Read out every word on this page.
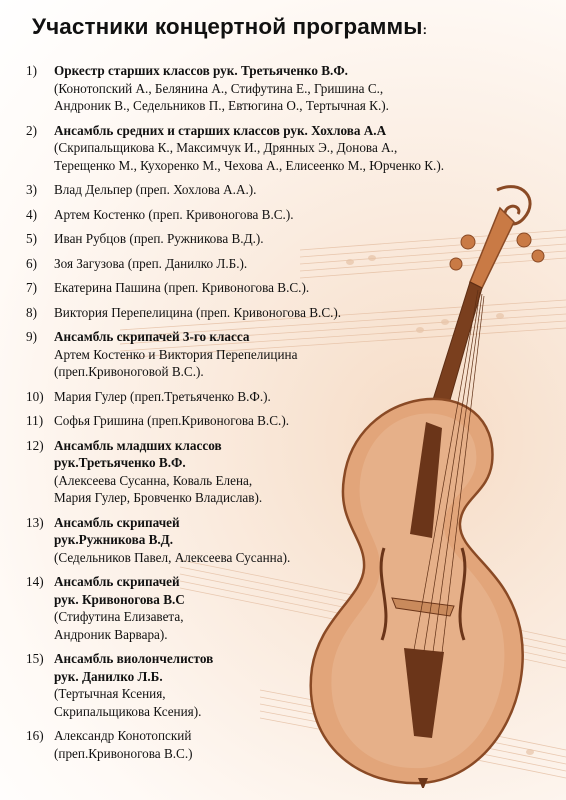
Участники концертной программы:
1) Оркестр старших классов рук. Третьяченко В.Ф.
(Конотопский А., Белянина А., Стифутина Е., Гришина С.,
Андроник В., Седельников П., Евтюгина О., Тертычная К.).
2) Ансамбль средних и старших классов рук. Хохлова А.А
(Скрипальщикова К., Максимчук И., Дрянных Э., Донова А.,
Терещенко М., Кухоренко М., Чехова А., Елисеенко М., Юрченко К.).
3) Влад Дельпер (преп. Хохлова А.А.).
4) Артем Костенко (преп. Кривоногова В.С.).
5) Иван Рубцов (преп. Ружникова В.Д.).
6) Зоя Загузова (преп. Данилко Л.Б.).
7) Екатерина Пашина (преп. Кривоногова В.С.).
8) Виктория Перепелицина (преп. Кривоногова В.С.).
9) Ансамбль скрипачей 3-го класса
Артем Костенко и Виктория Перепелицина
(преп.Кривоноговой В.С.).
10) Мария Гулер (преп.Третьяченко В.Ф.).
11) Софья Гришина (преп.Кривоногова В.С.).
12) Ансамбль младших классов
рук.Третьяченко В.Ф.
(Алексеева Сусанна, Коваль Елена,
Мария Гулер, Бровченко Владислав).
13) Ансамбль скрипачей
рук.Ружникова В.Д.
(Седельников Павел, Алексеева Сусанна).
14) Ансамбль скрипачей
рук. Кривоногова В.С
(Стифутина Елизавета,
Андроник Варвара).
15) Ансамбль виолончелистов
рук. Данилко Л.Б.
(Тертычная Ксения,
Скрипальщикова Ксения).
16) Александр Конотопский
(преп.Кривоногова В.С.)
